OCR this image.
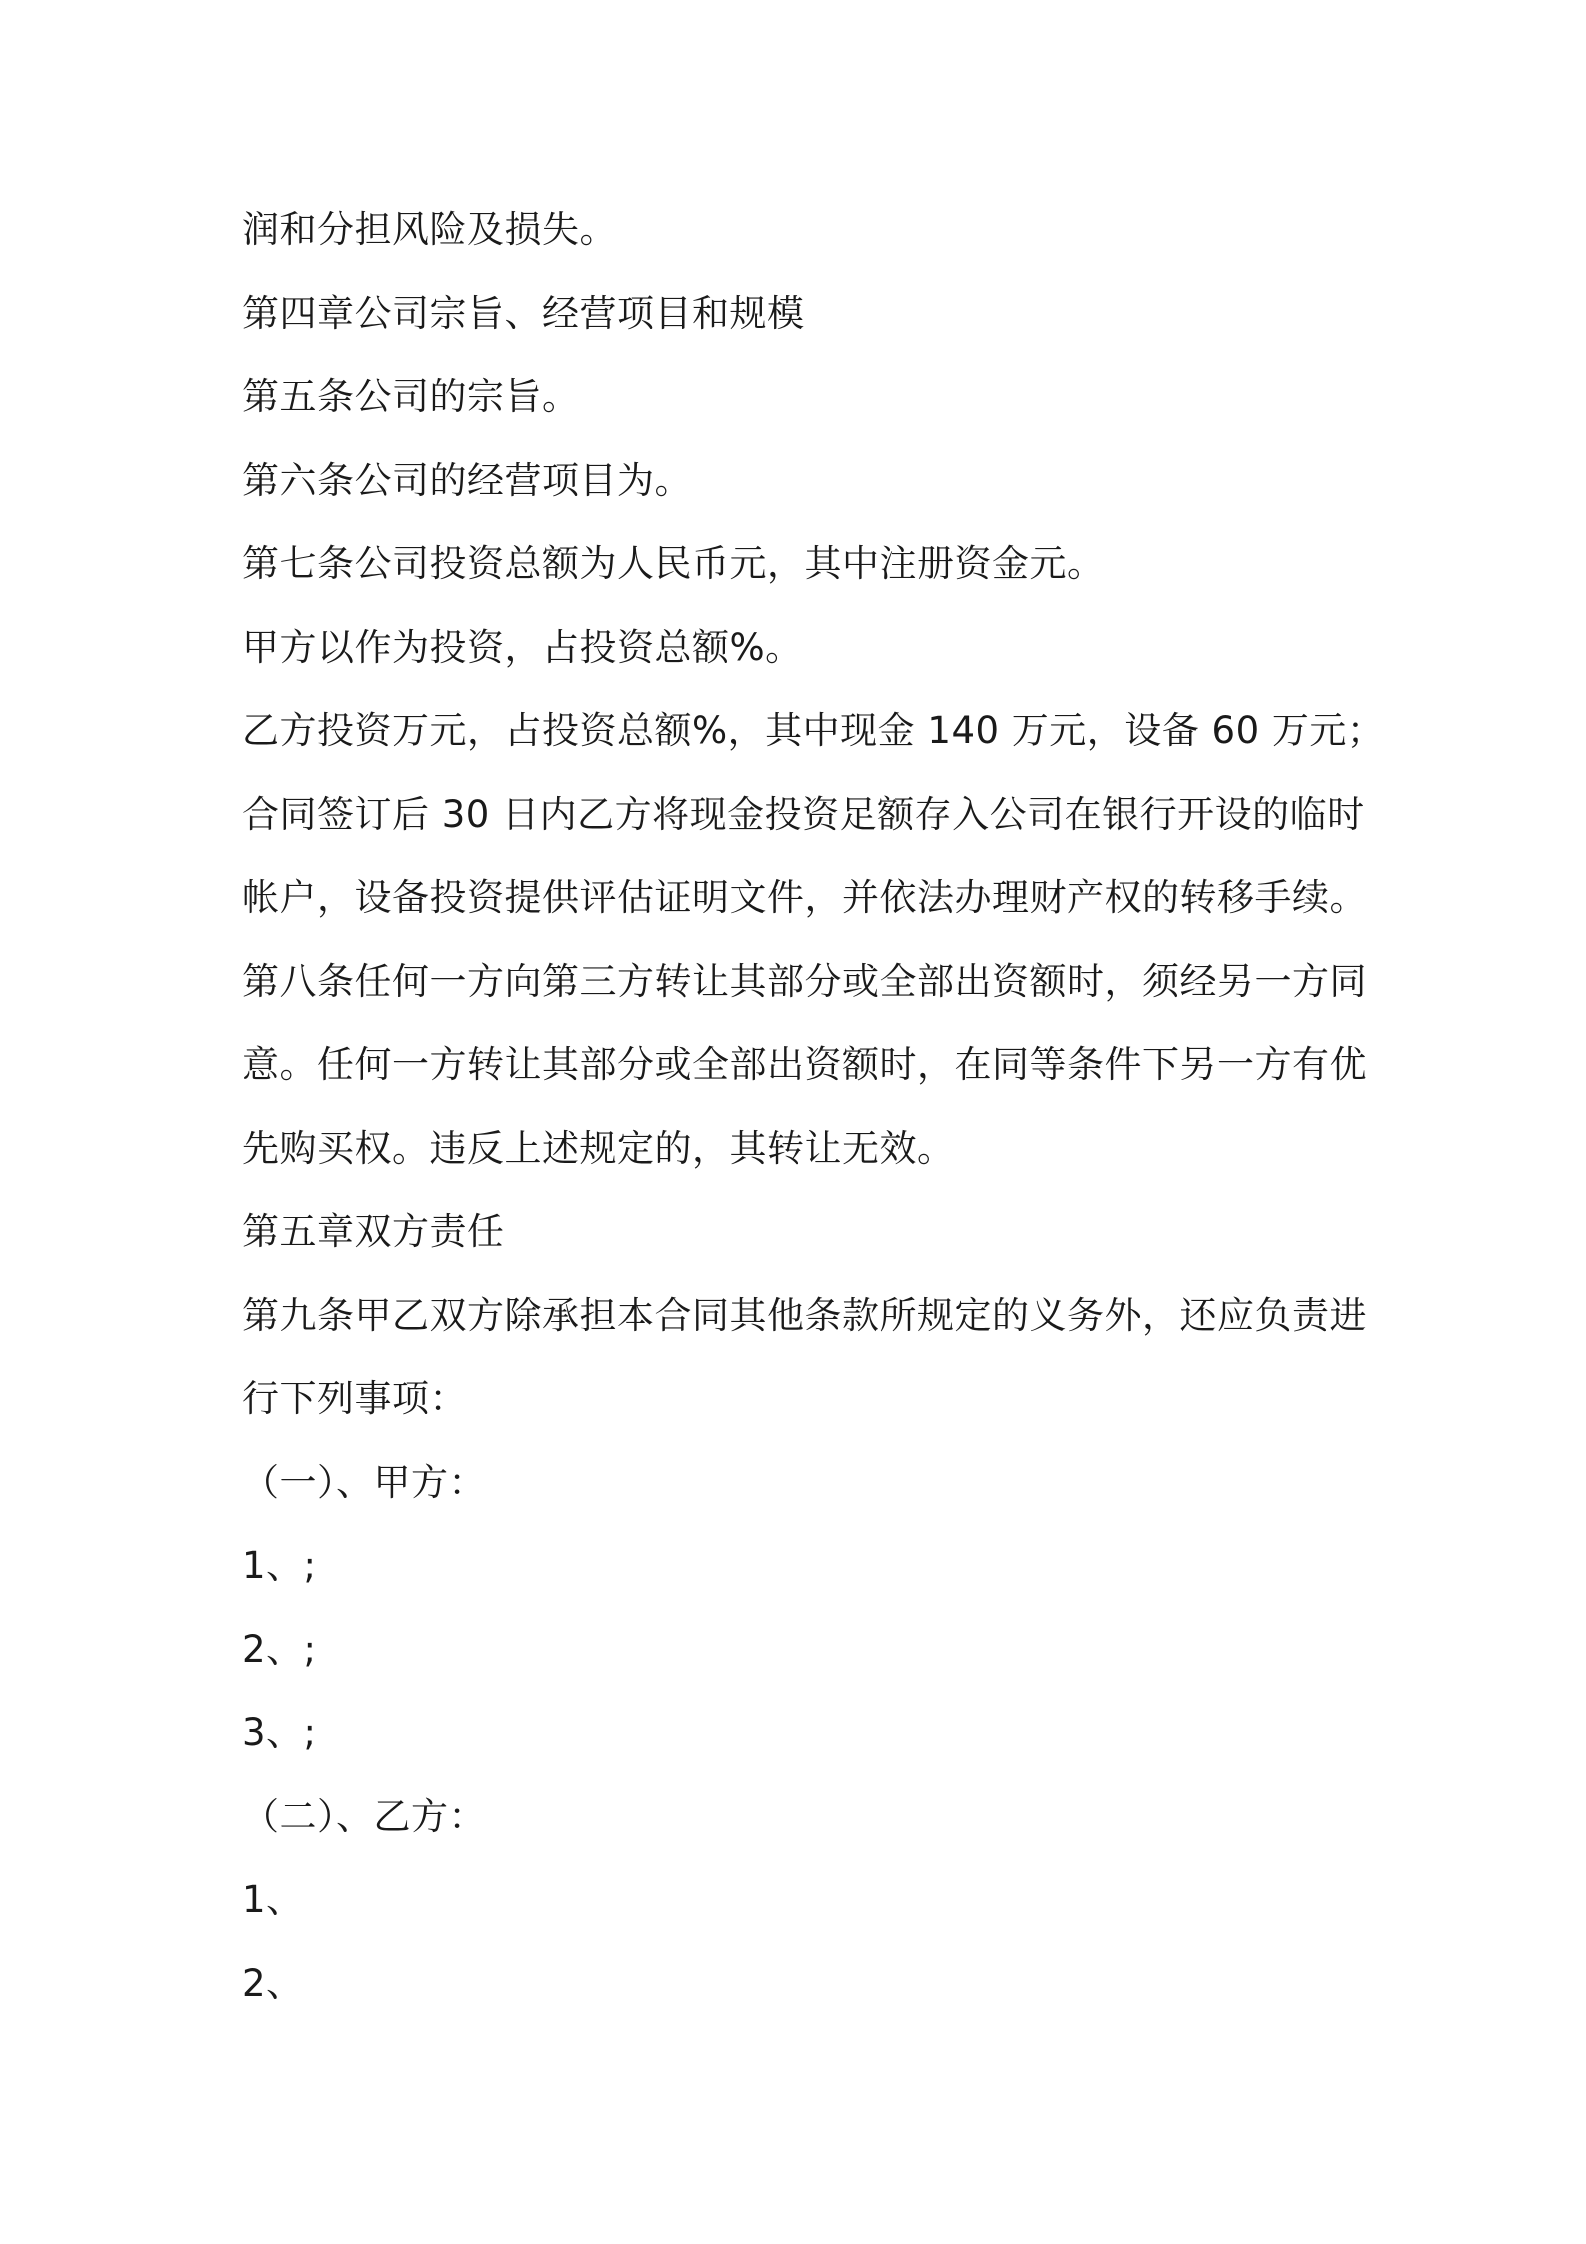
润和分担风险及损失。
第四章公司宗旨、经营项目和规模
第五条公司的宗旨。
第六条公司的经营项目为。
第七条公司投资总额为人民币元，其中注册资金元。
甲方以作为投资，占投资总额%。
乙方投资万元，占投资总额%，其中现金 140 万元，设备 60 万元；
合同签订后 30 日内乙方将现金投资足额存入公司在银行开设的临时
帐户，设备投资提供评估证明文件，并依法办理财产权的转移手续。
第八条任何一方向第三方转让其部分或全部出资额时，须经另一方同
意。任何一方转让其部分或全部出资额时，在同等条件下另一方有优
先购买权。违反上述规定的，其转让无效。
第五章双方责任
第九条甲乙双方除承担本合同其他条款所规定的义务外，还应负责进
行下列事项：
（一）、甲方：
1、;
2、;
3、;
（二）、乙方：
1、
2、
